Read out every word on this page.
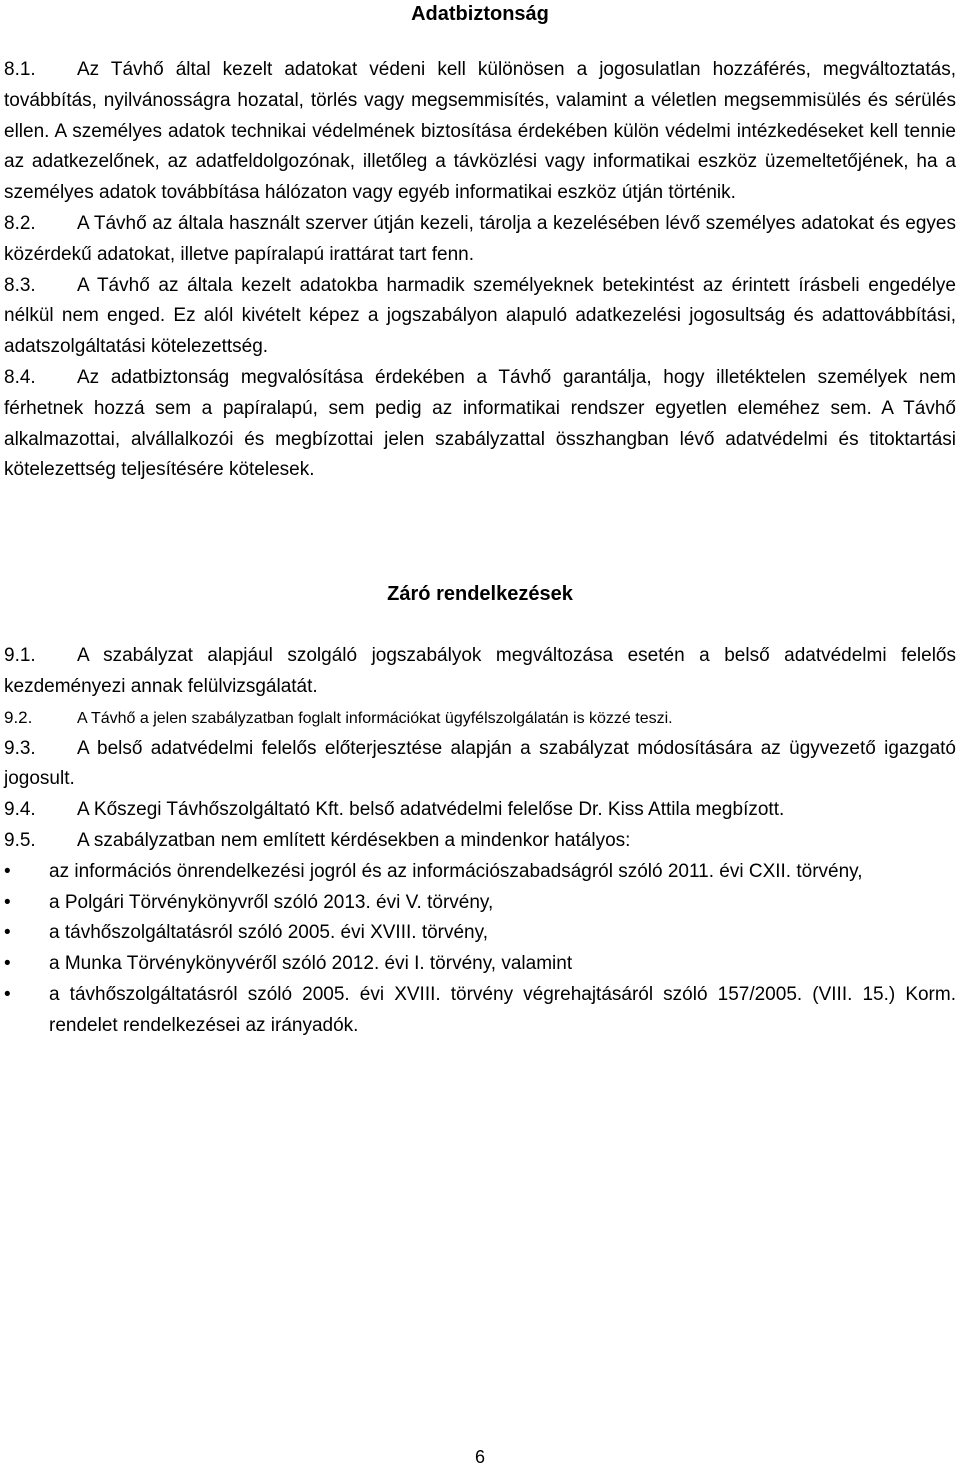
Adatbiztonság

8.1. Az Távhő által kezelt adatokat védeni kell különösen a jogosulatlan hozzáférés, megváltoztatás, továbbítás, nyilvánosságra hozatal, törlés vagy megsemmisítés, valamint a véletlen megsemmisülés és sérülés ellen. A személyes adatok technikai védelmének biztosítása érdekében külön védelmi intézkedéseket kell tennie az adatkezelőnek, az adatfeldolgozónak, illetőleg a távközlési vagy informatikai eszköz üzemeltetőjének, ha a személyes adatok továbbítása hálózaton vagy egyéb informatikai eszköz útján történik.

8.2. A Távhő az általa használt szerver útján kezeli, tárolja a kezelésében lévő személyes adatokat és egyes közérdekű adatokat, illetve papíralapú irattárat tart fenn.

8.3. A Távhő az általa kezelt adatokba harmadik személyeknek betekintést az érintett írásbeli engedélye nélkül nem enged. Ez alól kivételt képez a jogszabályon alapuló adatkezelési jogosultság és adattovábbítási, adatszolgáltatási kötelezettség.

8.4. Az adatbiztonság megvalósítása érdekében a Távhő garantálja, hogy illetéktelen személyek nem férhetnek hozzá sem a papíralapú, sem pedig az informatikai rendszer egyetlen eleméhez sem. A Távhő alkalmazottai, alvállalkozói és megbízottai jelen szabályzattal összhangban lévő adatvédelmi és titoktartási kötelezettség teljesítésére kötelesek.

Záró rendelkezések

9.1. A szabályzat alapjául szolgáló jogszabályok megváltozása esetén a belső adatvédelmi felelős kezdeményezi annak felülvizsgálatát.

9.2.	A Távhő a jelen szabályzatban foglalt információkat ügyfélszolgálatán is közzé teszi.

9.3. A belső adatvédelmi felelős előterjesztése alapján a szabályzat módosítására az ügyvezető igazgató jogosult.

9.4. A Kőszegi Távhőszolgáltató Kft. belső adatvédelmi felelőse Dr. Kiss Attila megbízott.

9.5. A szabályzatban nem említett kérdésekben a mindenkor hatályos:

•	az információs önrendelkezési jogról és az információszabadságról szóló 2011. évi CXII. törvény,
•	a Polgári Törvénykönyvről szóló 2013. évi V. törvény,
•	a távhőszolgáltatásról szóló 2005. évi XVIII. törvény,
•	a Munka Törvénykönyvéről szóló 2012. évi I. törvény, valamint
•	a távhőszolgáltatásról szóló 2005. évi XVIII. törvény végrehajtásáról szóló 157/2005. (VIII. 15.) Korm. rendelet rendelkezései az irányadók.
6
